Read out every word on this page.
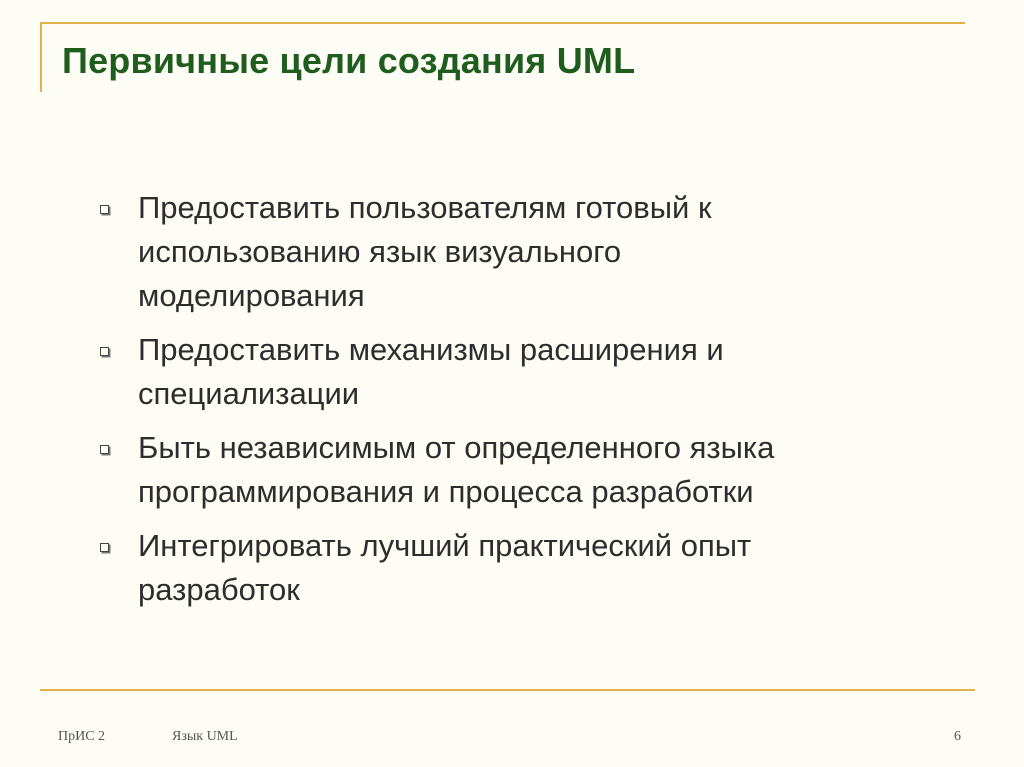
Первичные цели создания UML
Предоставить пользователям готовый к
использованию язык визуального
моделирования
Предоставить механизмы расширения и
специализации
Быть независимым от определенного языка
программирования и процесса разработки
Интегрировать лучший практический опыт
разработок
ПрИС 2	Язык UML	6
